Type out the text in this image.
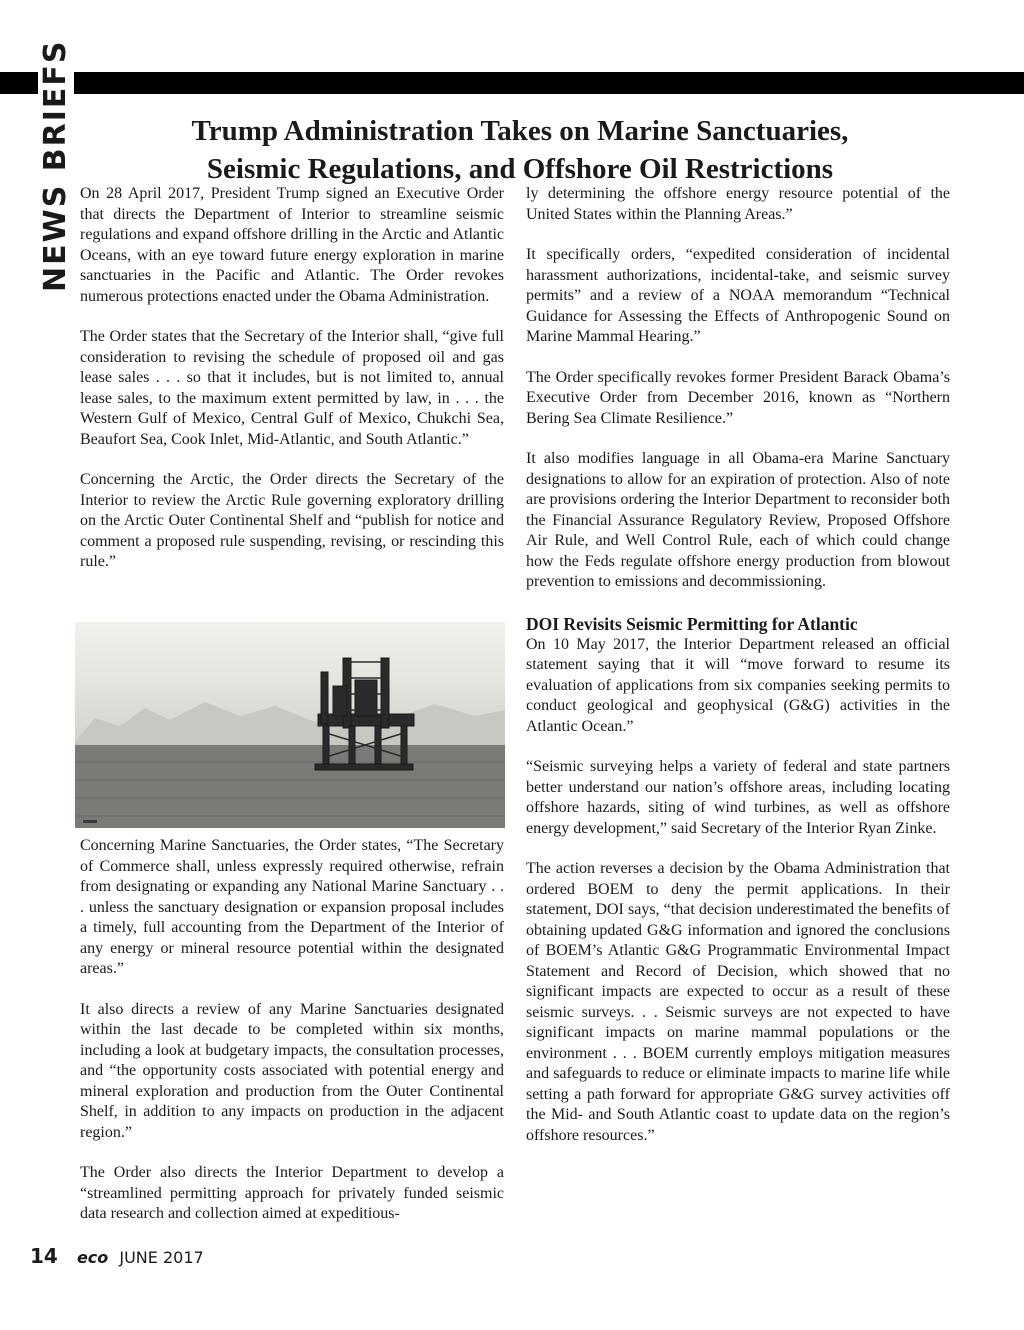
NEWS BRIEFS	Trump Administration Takes on Marine Sanctuaries,
Seismic Regulations, and Offshore Oil Restrictions

On 28 April 2017, President Trump signed an Executive Order that directs the Department of Interior to streamline seismic regulations and expand offshore drilling in the Arctic and Atlantic Oceans, with an eye toward future energy exploration in marine sanctuaries in the Pacific and Atlantic. The Order revokes numerous protections enacted under the Obama Administration.

The Order states that the Secretary of the Interior shall, “give full consideration to revising the schedule of proposed oil and gas lease sales . . . so that it includes, but is not limited to, annual lease sales, to the maximum extent permitted by law, in . . . the Western Gulf of Mexico, Central Gulf of Mexico, Chukchi Sea, Beaufort Sea, Cook Inlet, Mid-Atlantic, and South Atlantic.”

Concerning the Arctic, the Order directs the Secretary of the Interior to review the Arctic Rule governing exploratory drilling on the Arctic Outer Continental Shelf and “publish for notice and comment a proposed rule suspending, revising, or rescinding this rule.”

Concerning Marine Sanctuaries, the Order states, “The Secretary of Commerce shall, unless expressly required otherwise, refrain from designating or expanding any National Marine Sanctuary . . . unless the sanctuary designation or expansion proposal includes a timely, full accounting from the Department of the Interior of any energy or mineral resource potential within the designated areas.”

It also directs a review of any Marine Sanctuaries designated within the last decade to be completed within six months, including a look at budgetary impacts, the consultation processes, and “the opportunity costs associated with potential energy and mineral exploration and production from the Outer Continental Shelf, in addition to any impacts on production in the adjacent region.”

The Order also directs the Interior Department to develop a “streamlined permitting approach for privately funded seismic data research and collection aimed at expeditious-

ly determining the offshore energy resource potential of the United States within the Planning Areas.”

It specifically orders, “expedited consideration of incidental harassment authorizations, incidental-take, and seismic survey permits” and a review of a NOAA memorandum “Technical Guidance for Assessing the Effects of Anthropogenic Sound on Marine Mammal Hearing.”

The Order specifically revokes former President Barack Obama’s Executive Order from December 2016, known as “Northern Bering Sea Climate Resilience.”

It also modifies language in all Obama-era Marine Sanctuary designations to allow for an expiration of protection. Also of note are provisions ordering the Interior Department to reconsider both the Financial Assurance Regulatory Review, Proposed Offshore Air Rule, and Well Control Rule, each of which could change how the Feds regulate offshore energy production from blowout prevention to emissions and decommissioning.

DOI Revisits Seismic Permitting for Atlantic

On 10 May 2017, the Interior Department released an official statement saying that it will “move forward to resume its evaluation of applications from six companies seeking permits to conduct geological and geophysical (G&G) activities in the Atlantic Ocean.”

“Seismic surveying helps a variety of federal and state partners better understand our nation’s offshore areas, including locating offshore hazards, siting of wind turbines, as well as offshore energy development,” said Secretary of the Interior Ryan Zinke.

The action reverses a decision by the Obama Administration that ordered BOEM to deny the permit applications. In their statement, DOI says, “that decision underestimated the benefits of obtaining updated G&G information and ignored the conclusions of BOEM’s Atlantic G&G Programmatic Environmental Impact Statement and Record of Decision, which showed that no significant impacts are expected to occur as a result of these seismic surveys. . . Seismic surveys are not expected to have significant impacts on marine mammal populations or the environment . . . BOEM currently employs mitigation measures and safeguards to reduce or eliminate impacts to marine life while setting a path forward for appropriate G&G survey activities off the Mid- and South Atlantic coast to update data on the region’s offshore resources.”

14 eco JUNE 2017
